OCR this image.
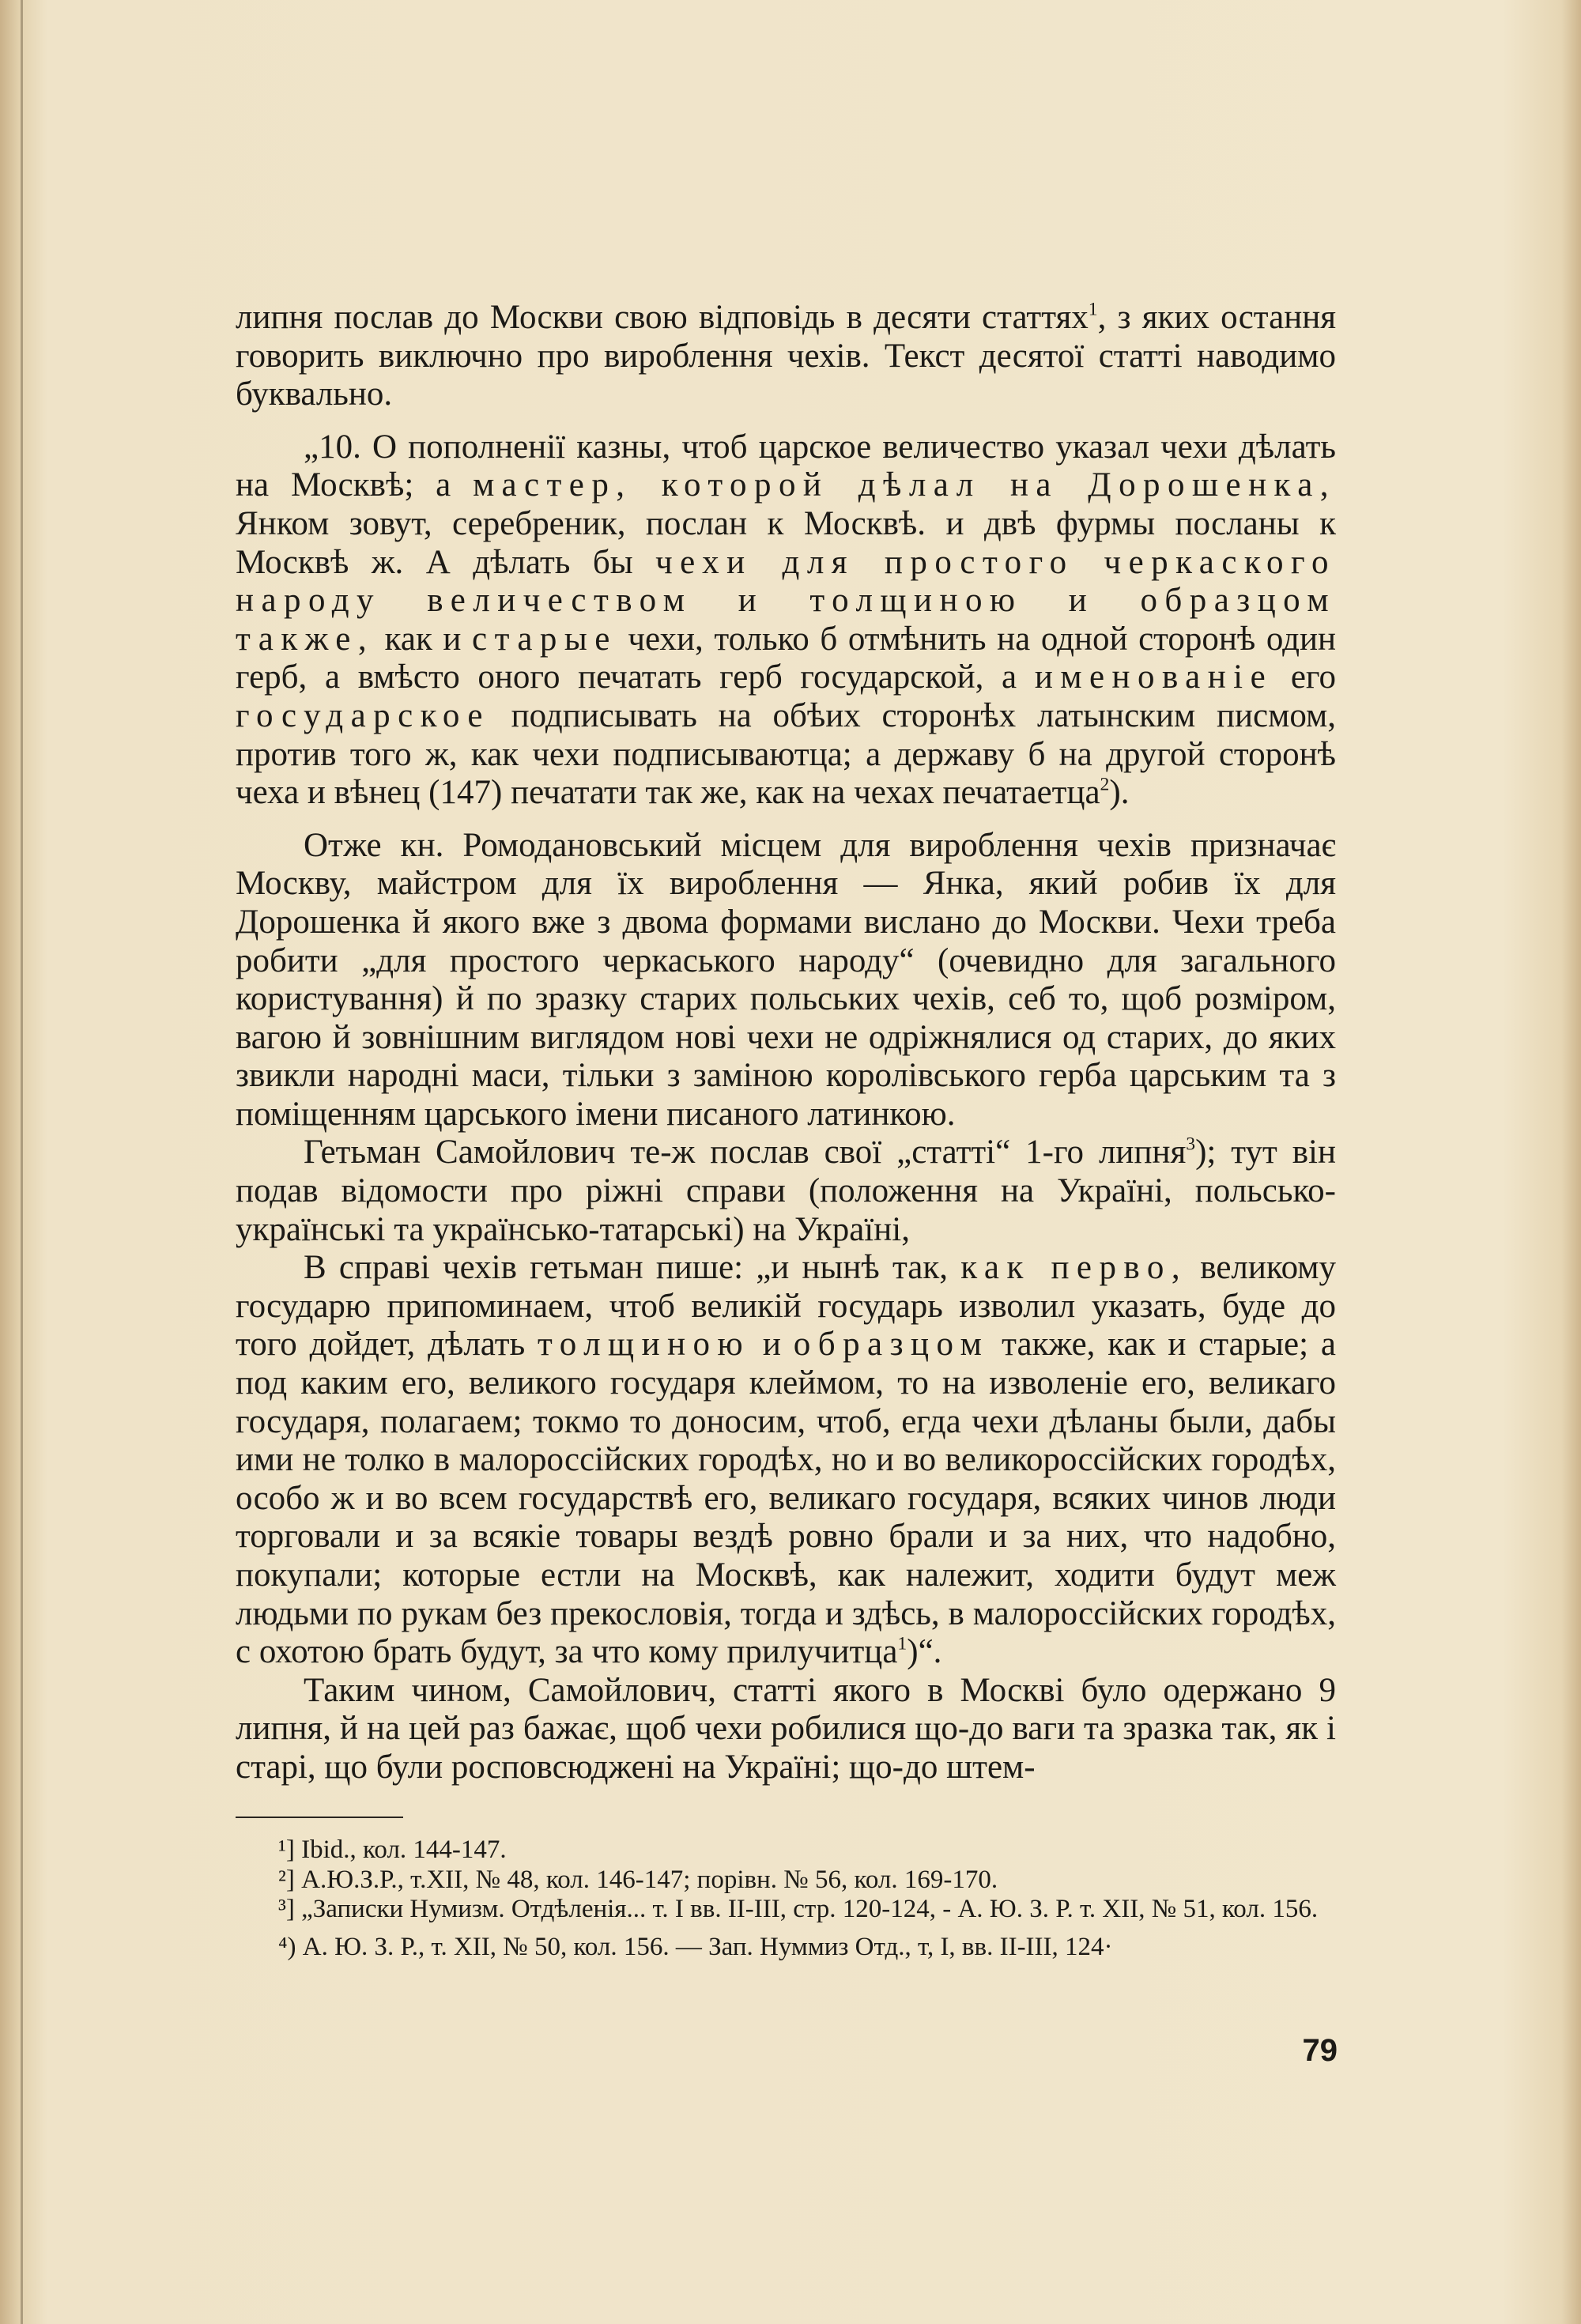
липня послав до Москви свою відповідь в десяти статтях$^1$, з яких остання говорить виключно про вироблення чехів. Текст десятої статті наводимо буквально.

„10. О пополненії казны, чтоб царское величество указал чехи дѣлать на Москвѣ; а мастер, которой дѣлал на Дорошенка, Янком зовут, серебреник, послан к Москвѣ. и двѣ фурмы посланы к Москвѣ ж. А дѣлать бы чехи для простого черкаского народу величеством и толщиною и образцом также, как и старые чехи, только б отмѣнить на одной сторонѣ один герб, а вмѣсто оного печатать герб государской, а именованіе его государское подписывать на обѣих сторонѣх латынским писмом, против того ж, как чехи подписываютца; а державу б на другой сторонѣ чеха и вѣнец (147) печатати так же, как на чехах печатаетца$^2$).

Отже кн. Ромодановський місцем для вироблення чехів призначає Москву, майстром для їх вироблення — Янка, який робив їх для Дорошенка й якого вже з двома формами вислано до Москви. Чехи треба робити „для простого черкаського народу“ (очевидно для загального користування) й по зразку старих польських чехів, себ то, щоб розміром, вагою й зовнішним виглядом нові чехи не одріжнялися од старих, до яких звикли народні маси, тільки з заміною королівського герба царським та з поміщенням царського імени писаного латинкою.

Гетьман Самойлович те-ж послав свої „статті“ 1-го липня$^3$); тут він подав відомости про ріжні справи (положення на Україні, польсько-українські та українсько-татарські) на Україні,

В справі чехів гетьман пише: „и нынѣ так, как перво, великому государю припоминаем, чтоб великій государь изволил указать, буде до того дойдет, дѣлать толщиною и образцом также, как и старые; а под каким его, великого государя клеймом, то на изволеніе его, великаго государя, полагаем; токмо то доносим, чтоб, егда чехи дѣланы были, дабы ими не толко в малороссійских городѣх, но и во великороссійских городѣх, особо ж и во всем государствѣ его, великаго государя, всяких чинов люди торговали и за всякіе товары вездѣ ровно брали и за них, что надобно, покупали; которые естли на Москвѣ, как належит, ходити будут меж людьми по рукам без прекословія, тогда и здѣсь, в малороссійских городѣх, с охотою брать будут, за что кому прилучитца$^1$)“.

Таким чином, Самойлович, статті якого в Москві було одержано 9 липня, й на цей раз бажає, щоб чехи робилися що-до ваги та зразка так, як і старі, що були росповсюджені на Україні; що-до штем-

¹] Ibid., кол. 144-147.

²] А.Ю.З.Р., т.XII, № 48, кол. 146-147; порівн. № 56, кол. 169-170.

³] „Записки Нумизм. Отдѣленія... т. I вв. II-III, стр. 120-124, - А. Ю. З. Р. т. XII, № 51, кол. 156.

⁴) А. Ю. З. Р., т. XII, № 50, кол. 156. — Зап. Нуммиз Отд., т, I, вв. II-III, 124·

79
